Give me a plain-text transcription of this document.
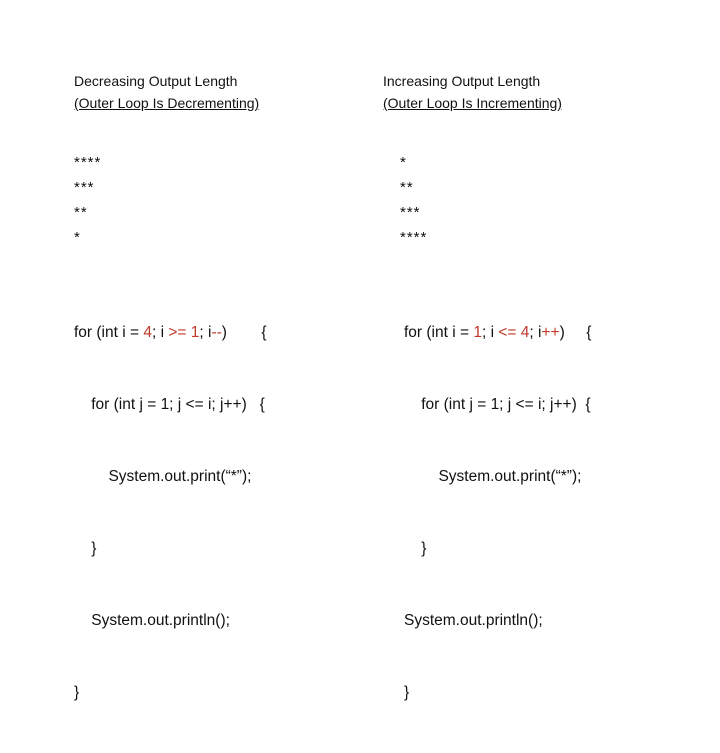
Decreasing Output Length
(Outer Loop Is Decrementing)
****
***
**
*

for (int i = 4; i >= 1; i--)        {

for (int j = 1; j <= i; j++)   {

System.out.print(“*”);

}

System.out.println();

}

Increasing Output Length
(Outer Loop Is Incrementing)
*
**
***
****

for (int i = 1; i <= 4; i++)     {

for (int j = 1; j <= i; j++)  {

System.out.print(“*”);

}

System.out.println();

}
